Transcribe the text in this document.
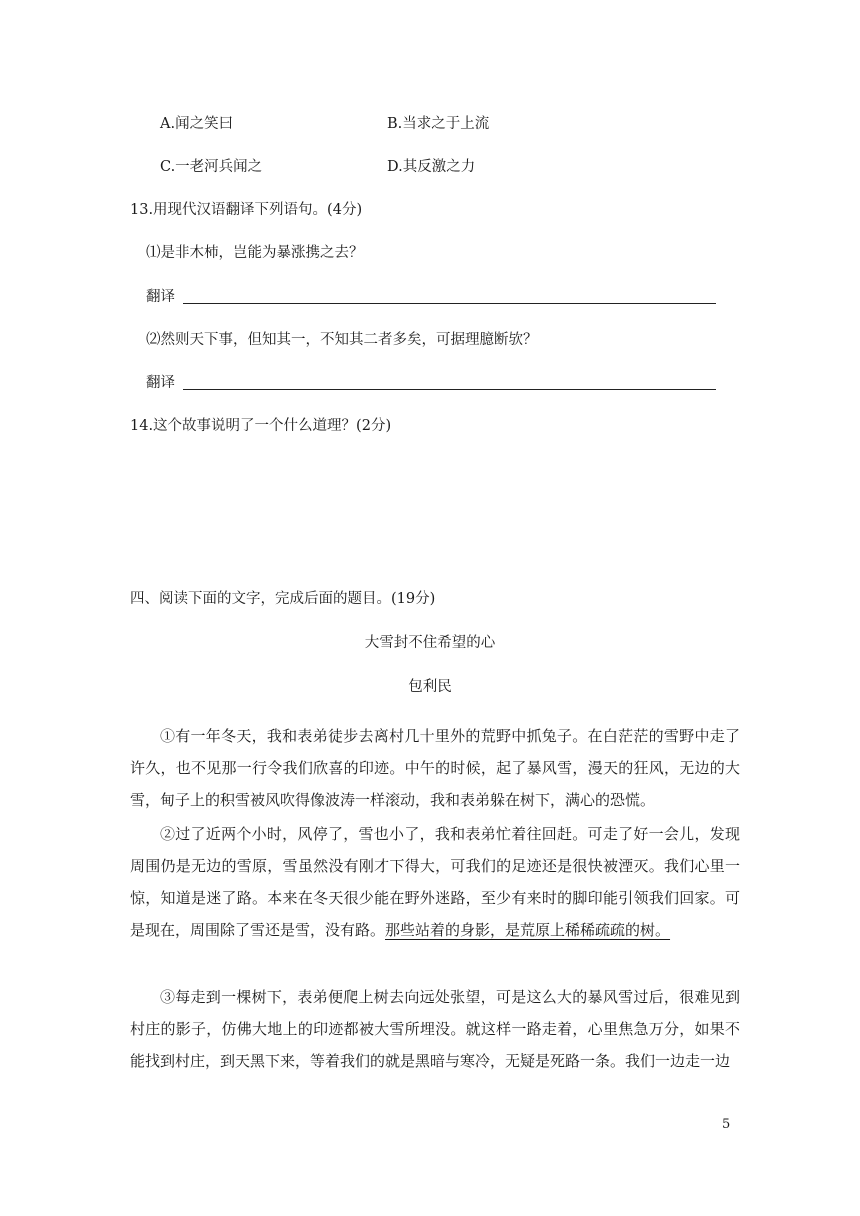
A.闻之笑曰	B.当求之于上流
C.一老河兵闻之	D.其反激之力
13.用现代汉语翻译下列语句。(4分)
⑴是非木杮，岂能为暴涨携之去？
翻译
⑵然则天下事，但知其一，不知其二者多矣，可据理臆断欤？
翻译
14.这个故事说明了一个什么道理？(2分)
四、阅读下面的文字，完成后面的题目。(19分)
大雪封不住希望的心
包利民
①有一年冬天，我和表弟徒步去离村几十里外的荒野中抓兔子。在白茫茫的雪野中走了许久，也不见那一行令我们欣喜的印迹。中午的时候，起了暴风雪，漫天的狂风，无边的大雪，甸子上的积雪被风吹得像波涛一样滚动，我和表弟躲在树下，满心的恐慌。
②过了近两个小时，风停了，雪也小了，我和表弟忙着往回赶。可走了好一会儿，发现周围仍是无边的雪原，雪虽然没有刚才下得大，可我们的足迹还是很快被湮灭。我们心里一惊，知道是迷了路。本来在冬天很少能在野外迷路，至少有来时的脚印能引领我们回家。可是现在，周围除了雪还是雪，没有路。那些站着的身影，是荒原上稀稀疏疏的树。
③每走到一棵树下，表弟便爬上树去向远处张望，可是这么大的暴风雪过后，很难见到村庄的影子，仿佛大地上的印迹都被大雪所埋没。就这样一路走着，心里焦急万分，如果不能找到村庄，到天黑下来，等着我们的就是黑暗与寒冷，无疑是死路一条。我们一边走一边
5
